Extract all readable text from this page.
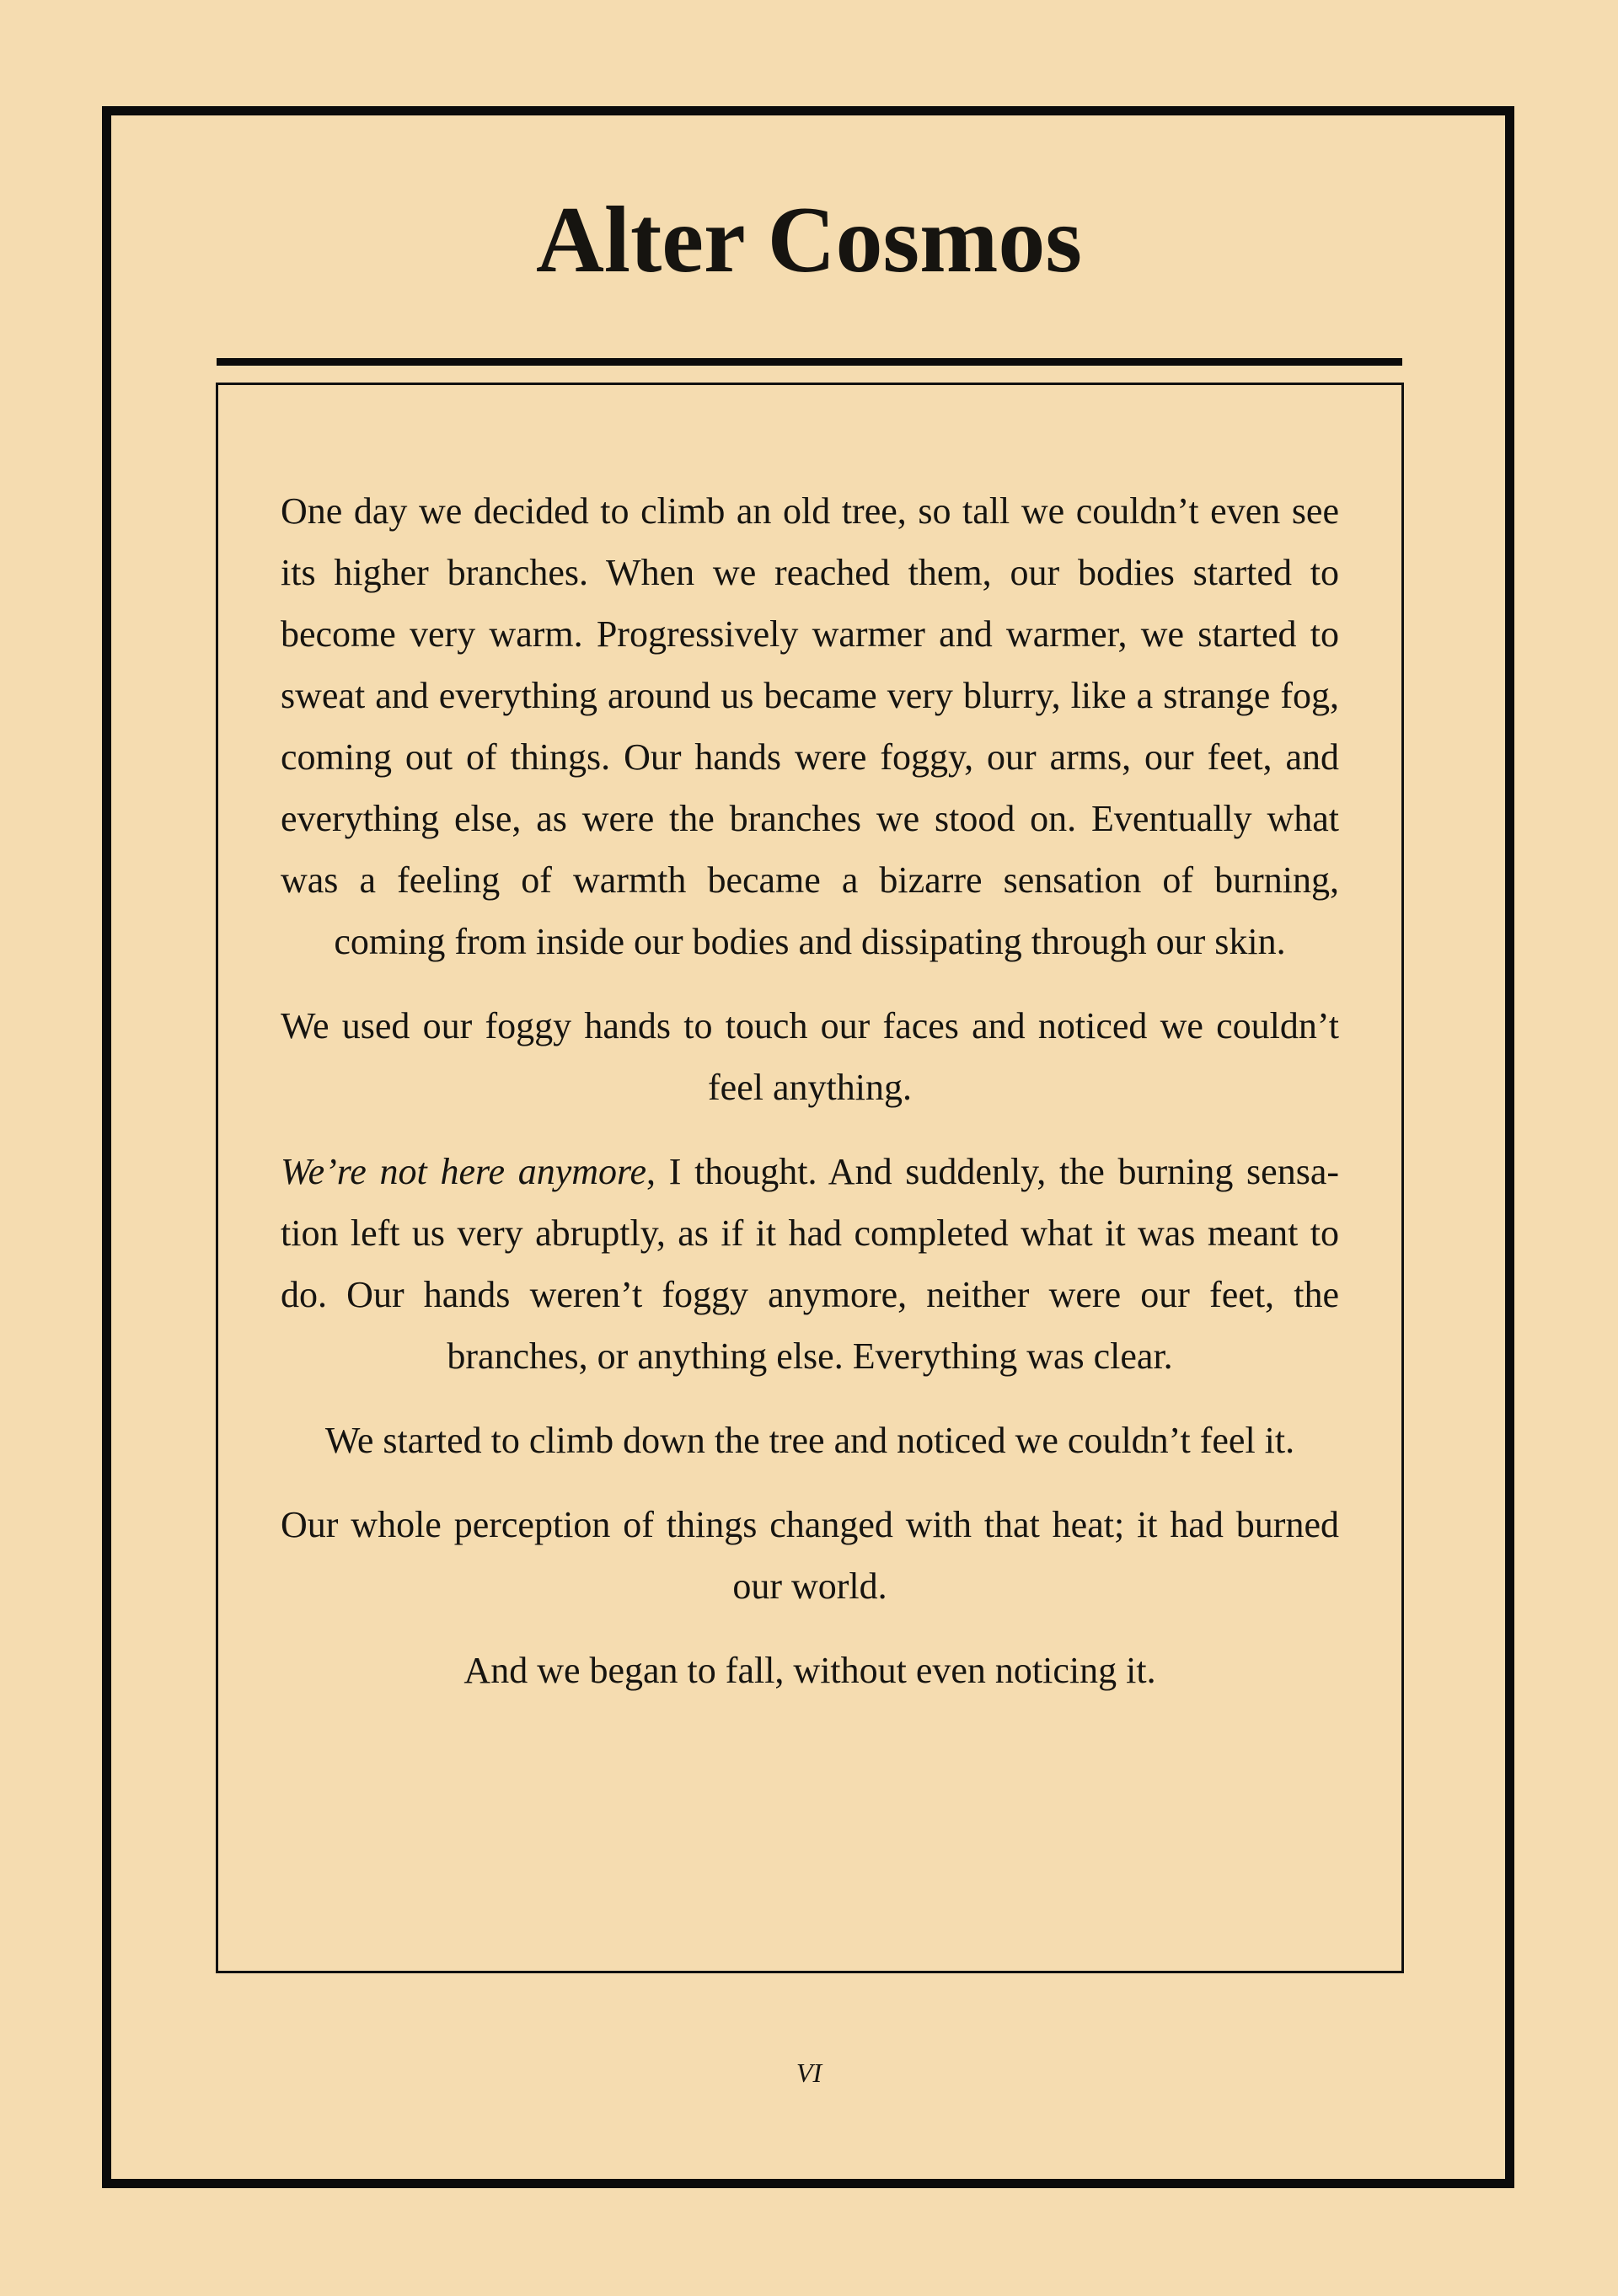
Alter Cosmos

One day we decided to climb an old tree, so tall we couldn’t even see its higher branches. When we reached them, our bodies started to become very warm. Progressively warmer and warmer, we started to sweat and everything around us became very blurry, like a strange fog, coming out of things. Our hands were foggy, our arms, our feet, and everything else, as were the branches we stood on. Eventually what was a feeling of warmth became a bizarre sensation of burning, coming from inside our bodies and dissipating through our skin.

We used our foggy hands to touch our faces and noticed we couldn’t feel anything.

We’re not here anymore, I thought. And suddenly, the burning sensation left us very abruptly, as if it had completed what it was meant to do. Our hands weren’t foggy anymore, neither were our feet, the branches, or anything else. Everything was clear.

We started to climb down the tree and noticed we couldn’t feel it.

Our whole perception of things changed with that heat; it had burned our world.

And we began to fall, without even noticing it.

VI
